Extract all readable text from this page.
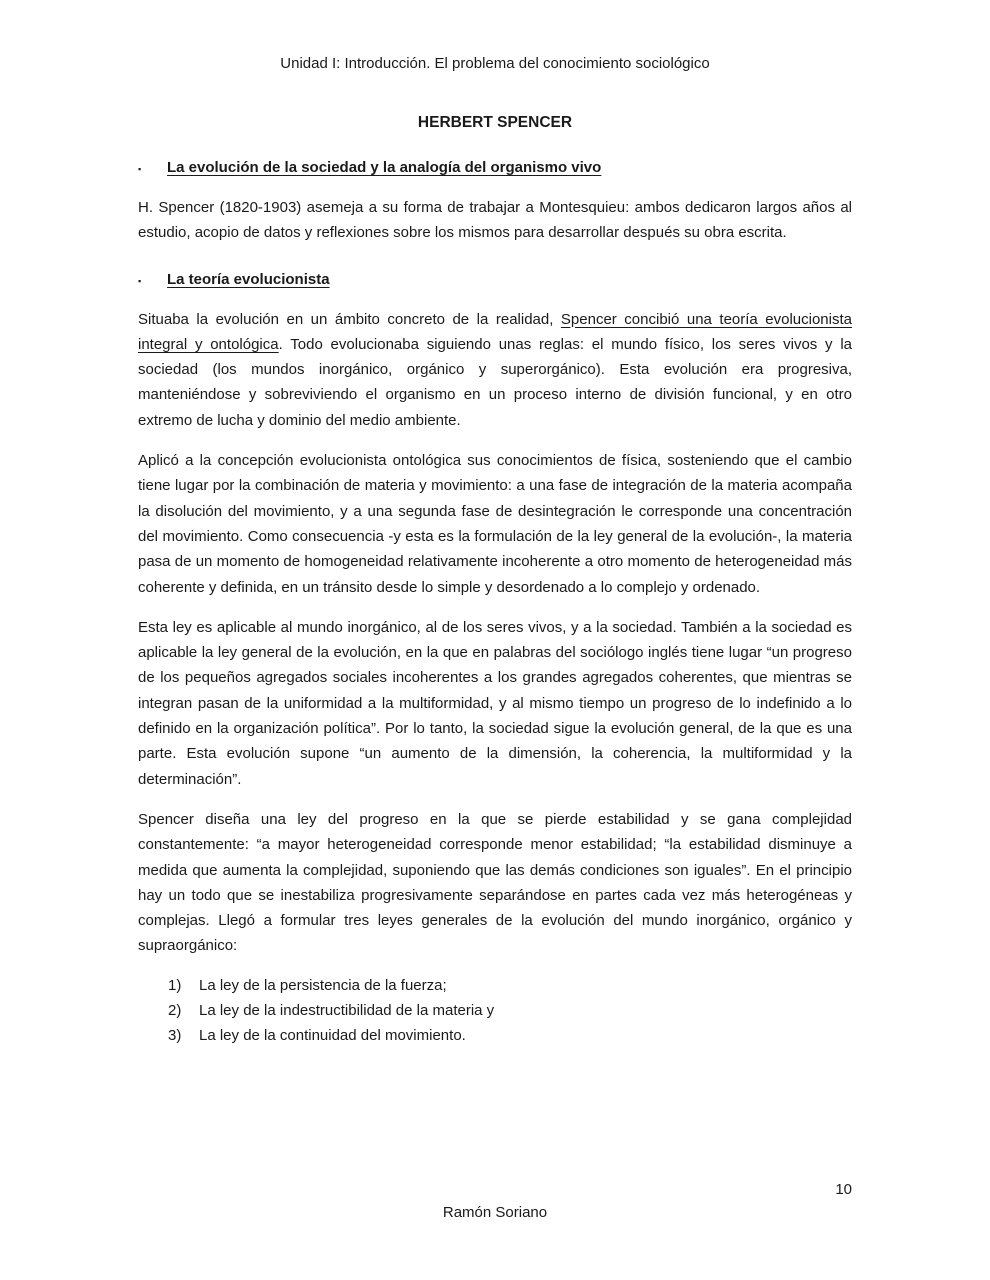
Unidad I: Introducción. El problema del conocimiento sociológico
HERBERT SPENCER
▪	La evolución de la sociedad y la analogía del organismo vivo

H. Spencer (1820-1903) asemeja a su forma de trabajar a Montesquieu: ambos dedicaron largos años al estudio, acopio de datos y reflexiones sobre los mismos para desarrollar después su obra escrita.

▪	La teoría evolucionista

Situaba la evolución en un ámbito concreto de la realidad, Spencer concibió una teoría evolucionista integral y ontológica. Todo evolucionaba siguiendo unas reglas: el mundo físico, los seres vivos y la sociedad (los mundos inorgánico, orgánico y superorgánico). Esta evolución era progresiva, manteniéndose y sobreviviendo el organismo en un proceso interno de división funcional, y en otro extremo de lucha y dominio del medio ambiente.

Aplicó a la concepción evolucionista ontológica sus conocimientos de física, sosteniendo que el cambio tiene lugar por la combinación de materia y movimiento: a una fase de integración de la materia acompaña la disolución del movimiento, y a una segunda fase de desintegración le corresponde una concentración del movimiento. Como consecuencia -y esta es la formulación de la ley general de la evolución-, la materia pasa de un momento de homogeneidad relativamente incoherente a otro momento de heterogeneidad más coherente y definida, en un tránsito desde lo simple y desordenado a lo complejo y ordenado.

Esta ley es aplicable al mundo inorgánico, al de los seres vivos, y a la sociedad. También a la sociedad es aplicable la ley general de la evolución, en la que en palabras del sociólogo inglés tiene lugar “un progreso de los pequeños agregados sociales incoherentes a los grandes agregados coherentes, que mientras se integran pasan de la uniformidad a la multiformidad, y al mismo tiempo un progreso de lo indefinido a lo definido en la organización política”. Por lo tanto, la sociedad sigue la evolución general, de la que es una parte. Esta evolución supone “un aumento de la dimensión, la coherencia, la multiformidad y la determinación”.

Spencer diseña una ley del progreso en la que se pierde estabilidad y se gana complejidad constantemente: “a mayor heterogeneidad corresponde menor estabilidad; “la estabilidad disminuye a medida que aumenta la complejidad, suponiendo que las demás condiciones son iguales”. En el principio hay un todo que se inestabiliza progresivamente separándose en partes cada vez más heterogéneas y complejas. Llegó a formular tres leyes generales de la evolución del mundo inorgánico, orgánico y supraorgánico:

1)	La ley de la persistencia de la fuerza;
2)	La ley de la indestructibilidad de la materia y
3)	La ley de la continuidad del movimiento.
10
Ramón Soriano
